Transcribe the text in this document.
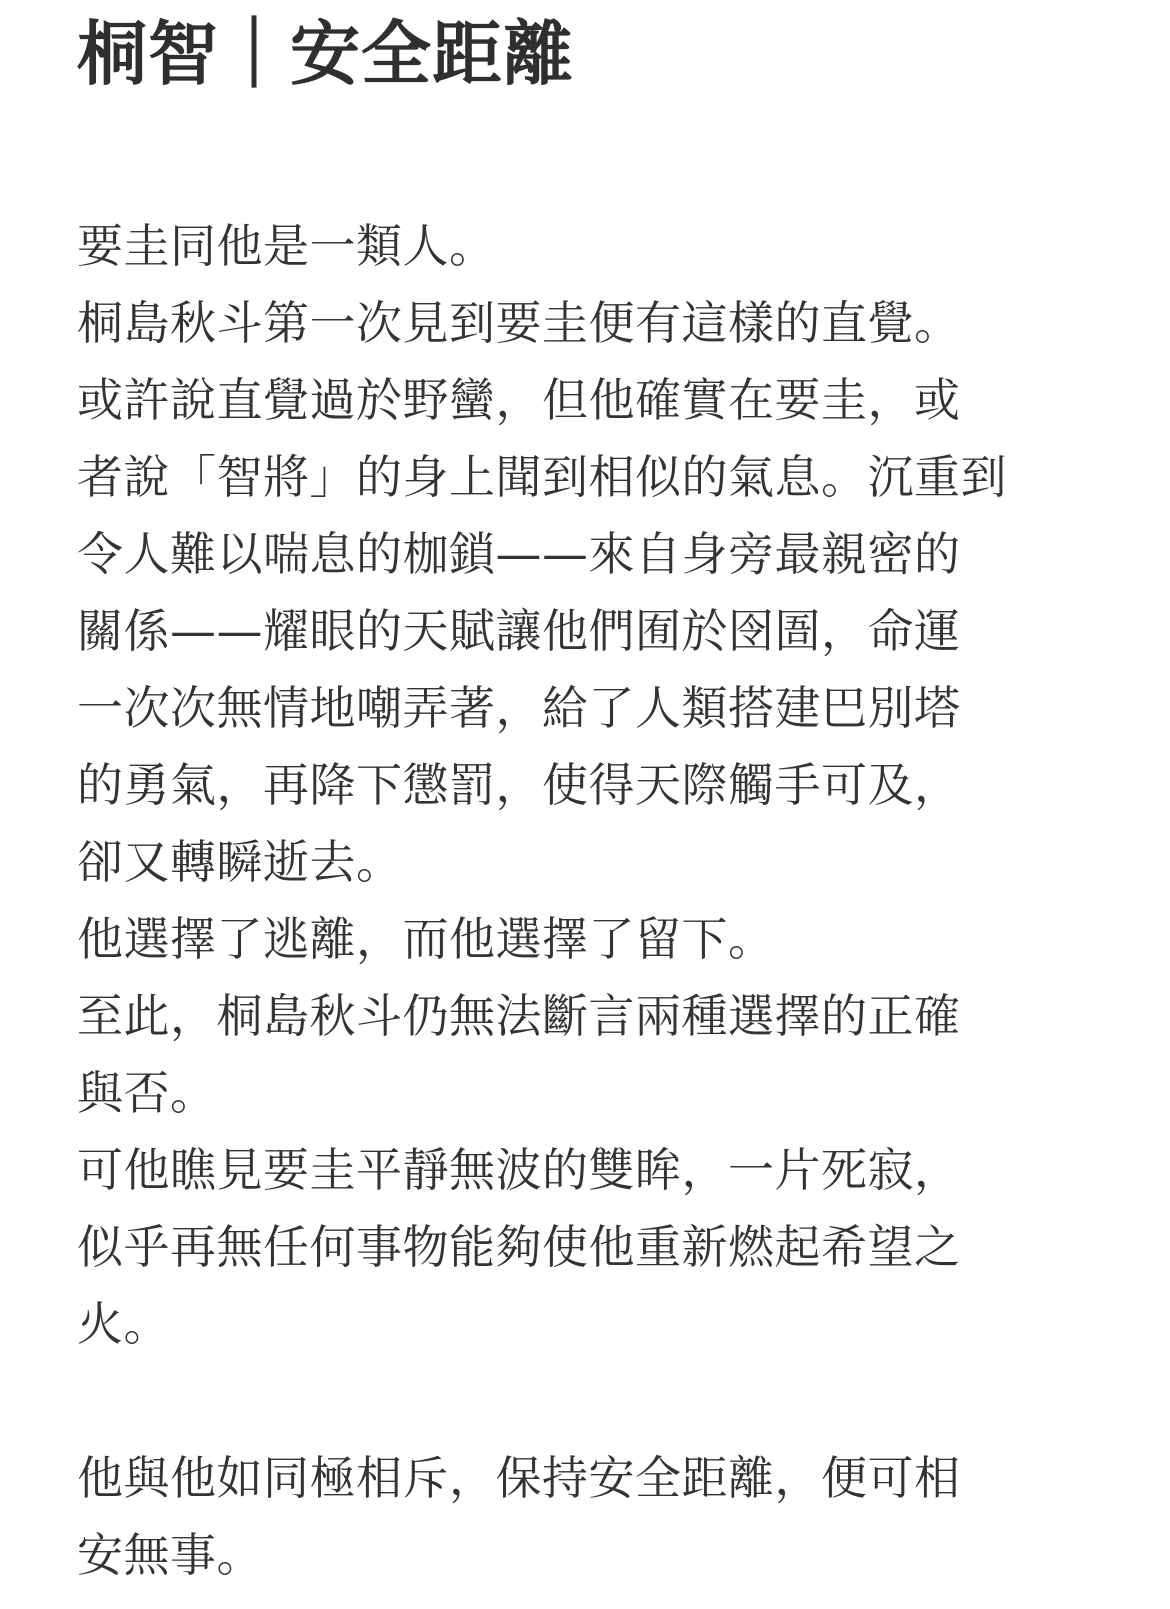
桐智｜安全距離
要圭同他是一類人。
桐島秋斗第一次見到要圭便有這樣的直覺。
或許說直覺過於野蠻，但他確實在要圭，或
者說「智將」的身上聞到相似的氣息。沉重到
令人難以喘息的枷鎖——來自身旁最親密的
關係——耀眼的天賦讓他們囿於囹圄，命運
一次次無情地嘲弄著，給了人類搭建巴別塔
的勇氣，再降下懲罰，使得天際觸手可及，
卻又轉瞬逝去。
他選擇了逃離，而他選擇了留下。
至此，桐島秋斗仍無法斷言兩種選擇的正確
與否。
可他瞧見要圭平靜無波的雙眸，一片死寂，
似乎再無任何事物能夠使他重新燃起希望之
火。
他與他如同極相斥，保持安全距離，便可相
安無事。
